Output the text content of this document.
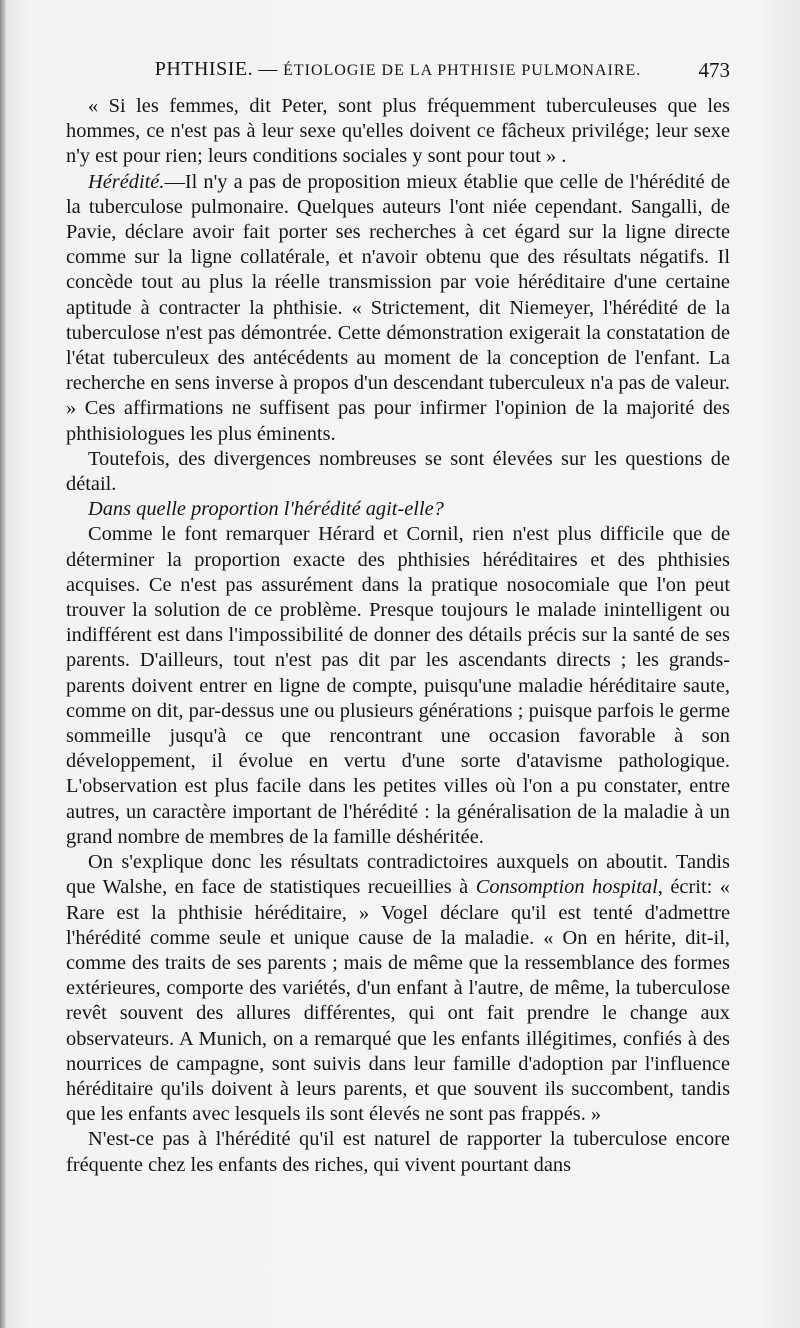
PHTHISIE. — ÉTIOLOGIE DE LA PHTHISIE PULMONAIRE.	473

« Si les femmes, dit Peter, sont plus fréquemment tuberculeuses que les hommes, ce n'est pas à leur sexe qu'elles doivent ce fâcheux privilége; leur sexe n'y est pour rien; leurs conditions sociales y sont pour tout » .

Hérédité.—Il n'y a pas de proposition mieux établie que celle de l'hérédité de la tuberculose pulmonaire. Quelques auteurs l'ont niée cependant. Sangalli, de Pavie, déclare avoir fait porter ses recherches à cet égard sur la ligne directe comme sur la ligne collatérale, et n'avoir obtenu que des résultats négatifs. Il concède tout au plus la réelle transmission par voie héréditaire d'une certaine aptitude à contracter la phthisie. « Strictement, dit Niemeyer, l'hérédité de la tuberculose n'est pas démontrée. Cette démonstration exigerait la constatation de l'état tuberculeux des antécédents au moment de la conception de l'enfant. La recherche en sens inverse à propos d'un descendant tuberculeux n'a pas de valeur. » Ces affirmations ne suffisent pas pour infirmer l'opinion de la majorité des phthisiologues les plus éminents.

Toutefois, des divergences nombreuses se sont élevées sur les questions de détail.

Dans quelle proportion l'hérédité agit-elle?

Comme le font remarquer Hérard et Cornil, rien n'est plus difficile que de déterminer la proportion exacte des phthisies héréditaires et des phthisies acquises. Ce n'est pas assurément dans la pratique nosocomiale que l'on peut trouver la solution de ce problème. Presque toujours le malade inintelligent ou indifférent est dans l'impossibilité de donner des détails précis sur la santé de ses parents. D'ailleurs, tout n'est pas dit par les ascendants directs ; les grands-parents doivent entrer en ligne de compte, puisqu'une maladie héréditaire saute, comme on dit, par-dessus une ou plusieurs générations ; puisque parfois le germe sommeille jusqu'à ce que rencontrant une occasion favorable à son développement, il évolue en vertu d'une sorte d'atavisme pathologique. L'observation est plus facile dans les petites villes où l'on a pu constater, entre autres, un caractère important de l'hérédité : la généralisation de la maladie à un grand nombre de membres de la famille déshéritée.

On s'explique donc les résultats contradictoires auxquels on aboutit. Tandis que Walshe, en face de statistiques recueillies à Consomption hospital, écrit: « Rare est la phthisie héréditaire, » Vogel déclare qu'il est tenté d'admettre l'hérédité comme seule et unique cause de la maladie. « On en hérite, dit-il, comme des traits de ses parents ; mais de même que la ressemblance des formes extérieures, comporte des variétés, d'un enfant à l'autre, de même, la tuberculose revêt souvent des allures différentes, qui ont fait prendre le change aux observateurs. A Munich, on a remarqué que les enfants illégitimes, confiés à des nourrices de campagne, sont suivis dans leur famille d'adoption par l'influence héréditaire qu'ils doivent à leurs parents, et que souvent ils succombent, tandis que les enfants avec lesquels ils sont élevés ne sont pas frappés. »

N'est-ce pas à l'hérédité qu'il est naturel de rapporter la tuberculose encore fréquente chez les enfants des riches, qui vivent pourtant dans
